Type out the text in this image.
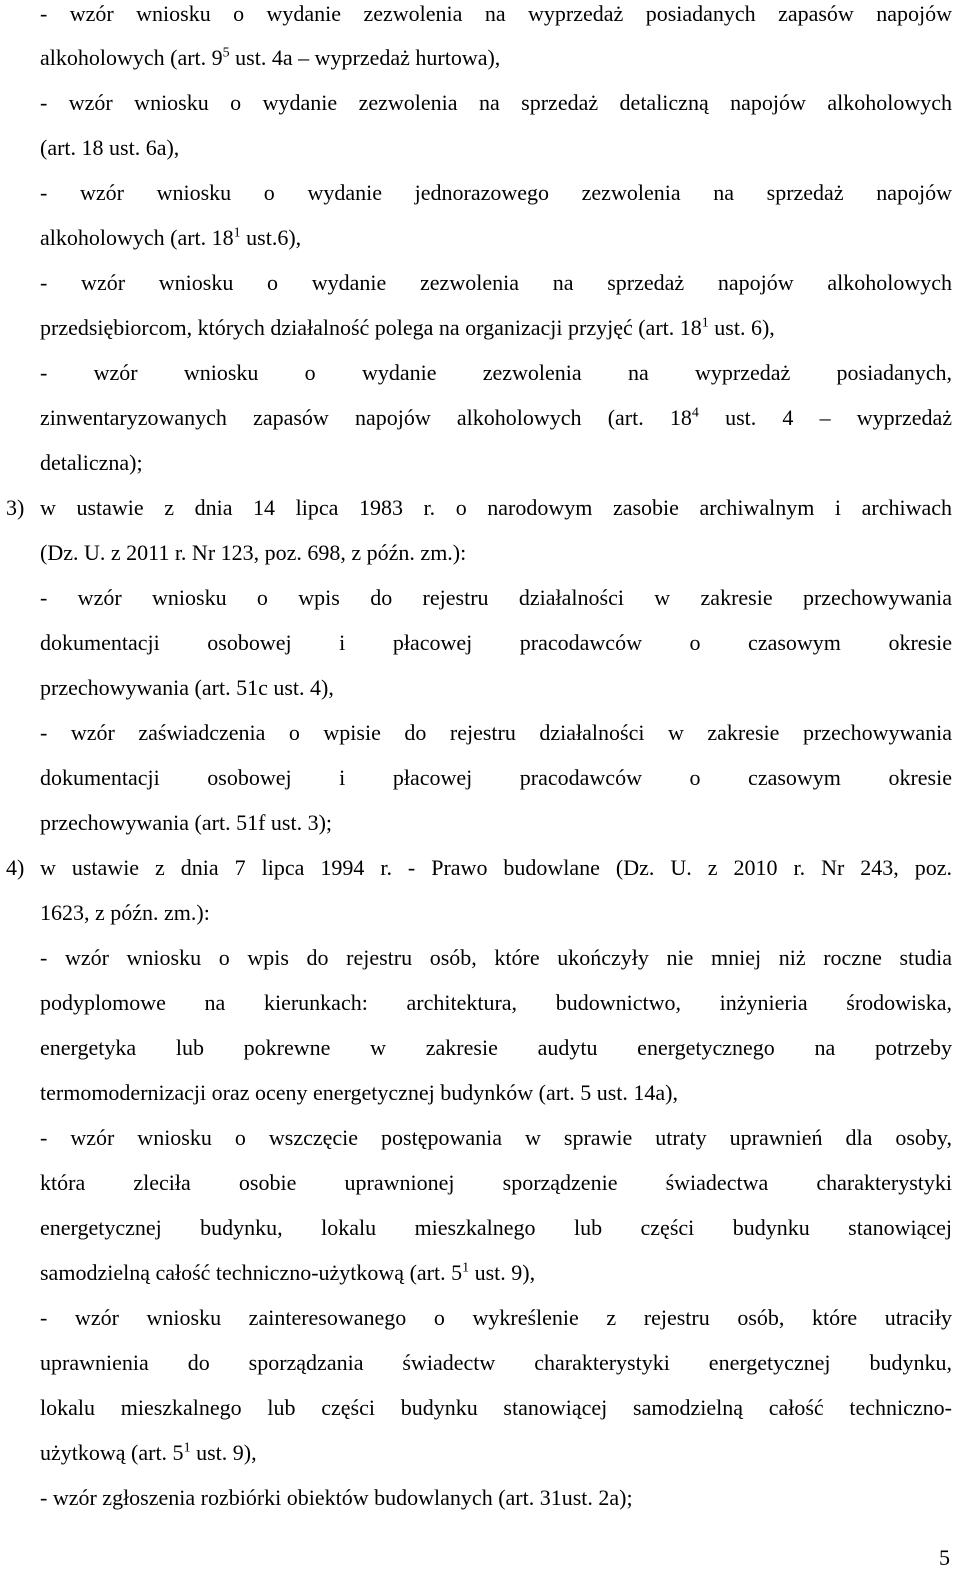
- wzór wniosku o wydanie zezwolenia na wyprzedaż posiadanych zapasów napojów
alkoholowych (art. $9^5$ ust. 4a – wyprzedaż hurtowa),
- wzór wniosku o wydanie zezwolenia na sprzedaż detaliczną napojów alkoholowych
(art. 18 ust. 6a),
- wzór wniosku o wydanie jednorazowego zezwolenia na sprzedaż napojów
alkoholowych (art. $18^1$ ust.6),
- wzór wniosku o wydanie zezwolenia na sprzedaż napojów alkoholowych
przedsiębiorcom, których działalność polega na organizacji przyjęć (art. $18^1$ ust. 6),
- wzór wniosku o wydanie zezwolenia na wyprzedaż posiadanych,
zinwentaryzowanych zapasów napojów alkoholowych (art. $18^4$ ust. 4 – wyprzedaż
detaliczna);
3) w ustawie z dnia 14 lipca 1983 r. o narodowym zasobie archiwalnym i archiwach
(Dz. U. z 2011 r. Nr 123, poz. 698, z późn. zm.):
- wzór wniosku o wpis do rejestru działalności w zakresie przechowywania
dokumentacji osobowej i płacowej pracodawców o czasowym okresie
przechowywania (art. 51c ust. 4),
- wzór zaświadczenia o wpisie do rejestru działalności w zakresie przechowywania
dokumentacji osobowej i płacowej pracodawców o czasowym okresie
przechowywania (art. 51f ust. 3);
4) w ustawie z dnia 7 lipca 1994 r. - Prawo budowlane (Dz. U. z 2010 r. Nr 243, poz.
1623, z późn. zm.):
- wzór wniosku o wpis do rejestru osób, które ukończyły nie mniej niż roczne studia
podyplomowe na kierunkach: architektura, budownictwo, inżynieria środowiska,
energetyka lub pokrewne w zakresie audytu energetycznego na potrzeby
termomodernizacji oraz oceny energetycznej budynków (art. 5 ust. 14a),
- wzór wniosku o wszczęcie postępowania w sprawie utraty uprawnień dla osoby,
która zleciła osobie uprawnionej sporządzenie świadectwa charakterystyki
energetycznej budynku, lokalu mieszkalnego lub części budynku stanowiącej
samodzielną całość techniczno-użytkową (art. $5^1$ ust. 9),
- wzór wniosku zainteresowanego o wykreślenie z rejestru osób, które utraciły
uprawnienia do sporządzania świadectw charakterystyki energetycznej budynku,
lokalu mieszkalnego lub części budynku stanowiącej samodzielną całość techniczno-
użytkową (art. $5^1$ ust. 9),
- wzór zgłoszenia rozbiórki obiektów budowlanych (art. 31ust. 2a);
5
